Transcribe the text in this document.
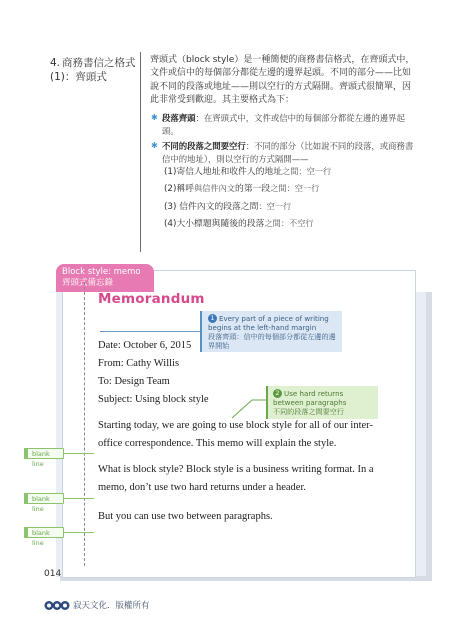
4. 商務書信之格式 (1)：齊頭式
齊頭式（block style）是一種簡便的商務書信格式，在齊頭式中，文件或信中的每個部分都從左邊的邊界起頭。不同的部分——比如說不同的段落或地址——則以空行的方式隔開。齊頭式很簡單，因此非常受到歡迎。其主要格式為下：
✱ 段落齊頭：在齊頭式中，文件或信中的每個部分都從左邊的邊界起頭。
✱ 不同的段落之間要空行：不同的部分（比如說不同的段落，或商務書信中的地址），則以空行的方式隔開——
(1)寄信人地址和收件人的地址之間：空一行
(2)稱呼與信件內文的第一段之間：空一行
(3) 信件內文的段落之間：空一行
(4)大小標題與隨後的段落之間：不空行
Block style: memo
齊頭式備忘錄
Memorandum
1 Every part of a piece of writing begins at the left-hand margin
段落齊頭：信中的每個部分都從左邊的邊界開始
Date: October 6, 2015
From: Cathy Willis
To: Design Team
Subject: Using block style
2 Use hard returns between paragraphs
不同的段落之間要空行
Starting today, we are going to use block style for all of our inter-
office correspondence. This memo will explain the style.
What is block style? Block style is a business writing format. In a
memo, don’t use two hard returns under a header.
But you can use two between paragraphs.
blank line
blank line
blank line
014
寂天文化．版權所有
